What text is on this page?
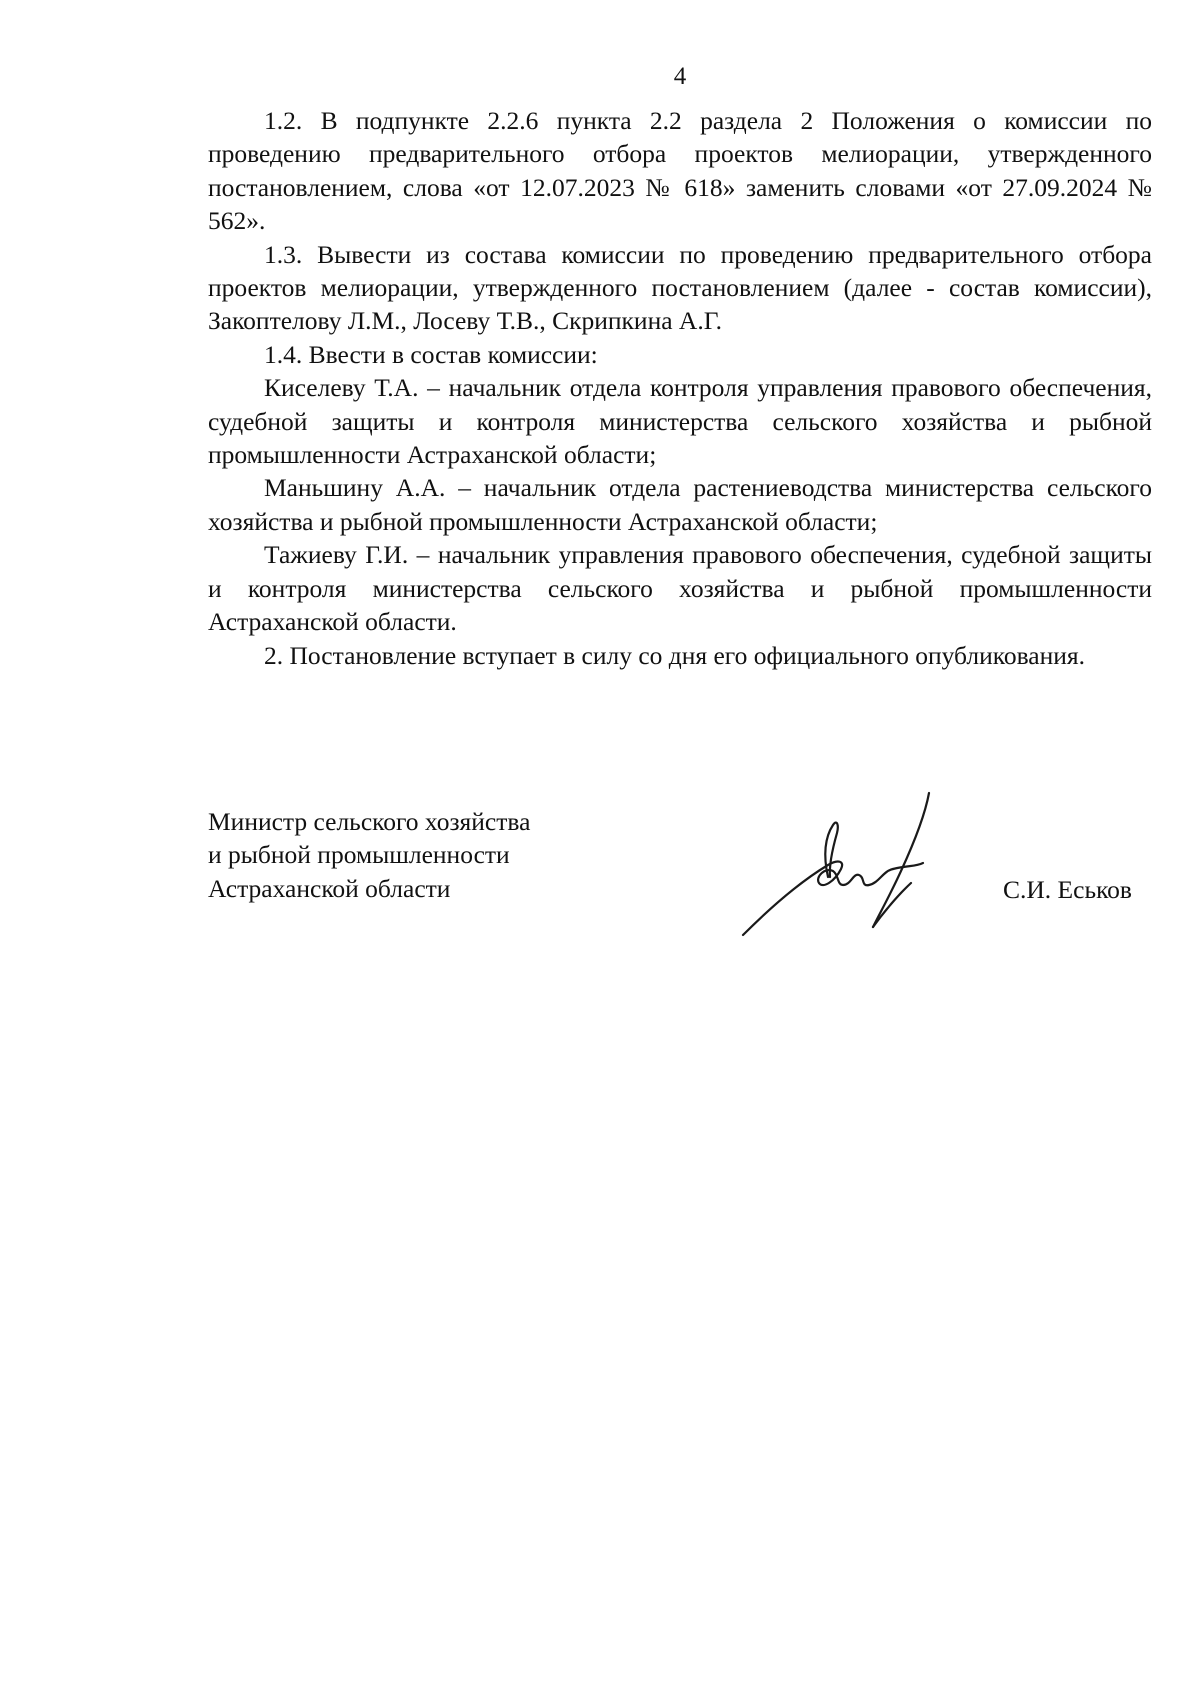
4

1.2. В подпункте 2.2.6 пункта 2.2 раздела 2 Положения о комиссии по проведению предварительного отбора проектов мелиорации, утвержденного постановлением, слова «от 12.07.2023 № 618» заменить словами «от 27.09.2024 № 562».

1.3. Вывести из состава комиссии по проведению предварительного отбора проектов мелиорации, утвержденного постановлением (далее - состав комиссии), Закоптелову Л.М., Лосеву Т.В., Скрипкина А.Г.

1.4. Ввести в состав комиссии:

Киселеву Т.А. – начальник отдела контроля управления правового обеспечения, судебной защиты и контроля министерства сельского хозяйства и рыбной промышленности Астраханской области;

Маньшину А.А. – начальник отдела растениеводства министерства сельского хозяйства и рыбной промышленности Астраханской области;

Тажиеву Г.И. – начальник управления правового обеспечения, судебной защиты и контроля министерства сельского хозяйства и рыбной промышленности Астраханской области.

2. Постановление вступает в силу со дня его официального опубликования.

Министр сельского хозяйства
и рыбной промышленности
Астраханской области	С.И. Еськов
